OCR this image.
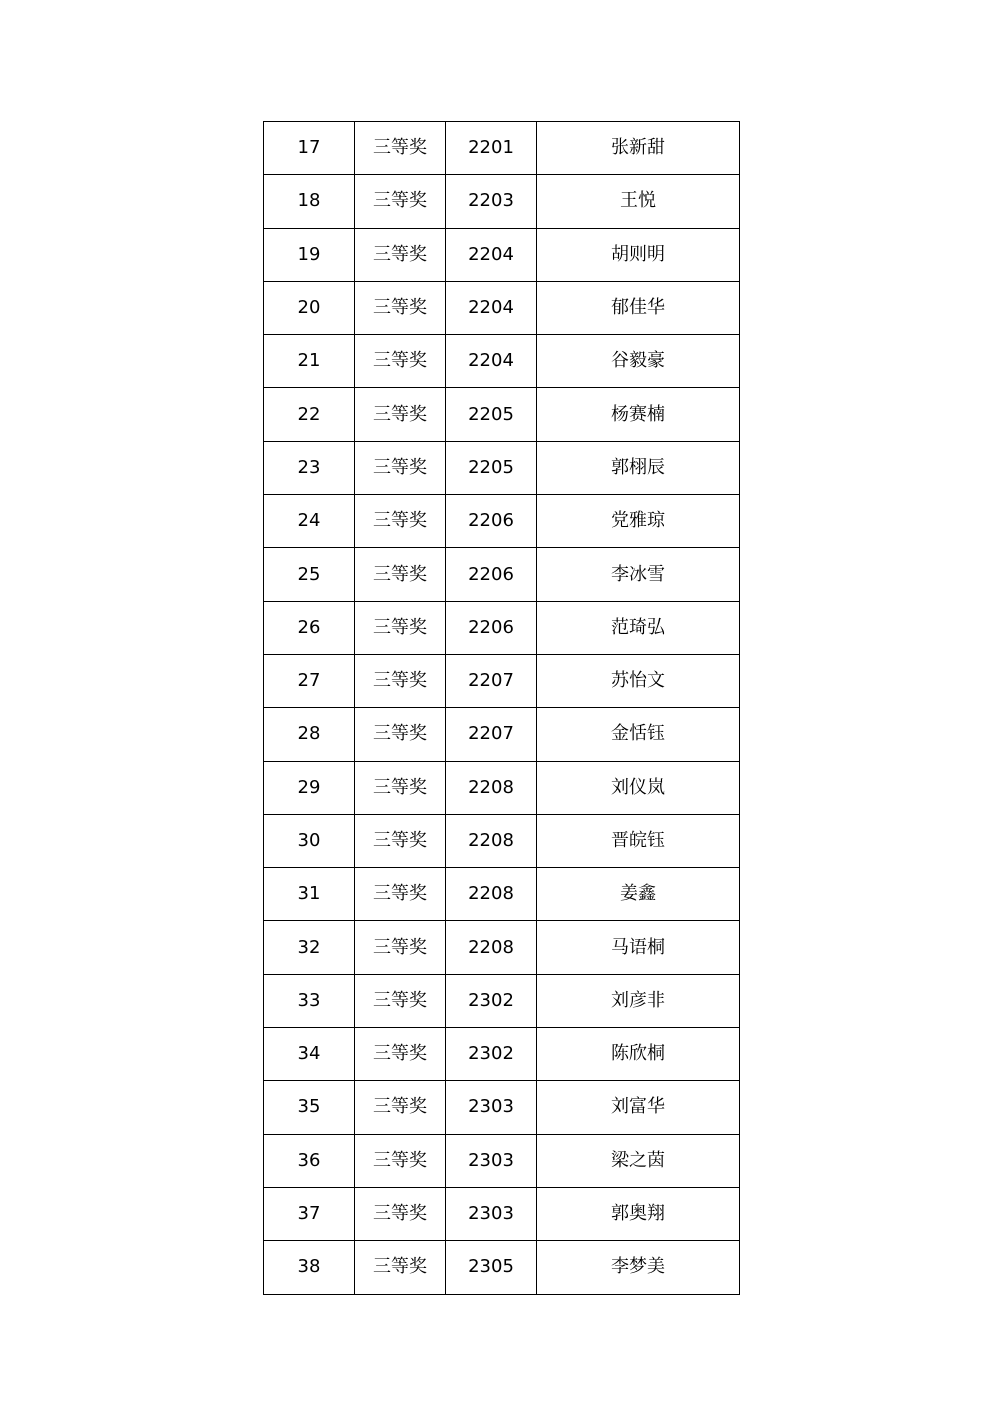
17	三等奖	2201	张新甜
18	三等奖	2203	王悦
19	三等奖	2204	胡则明
20	三等奖	2204	郁佳华
21	三等奖	2204	谷毅豪
22	三等奖	2205	杨赛楠
23	三等奖	2205	郭栩辰
24	三等奖	2206	党雅琼
25	三等奖	2206	李冰雪
26	三等奖	2206	范琦弘
27	三等奖	2207	苏怡文
28	三等奖	2207	金恬钰
29	三等奖	2208	刘仪岚
30	三等奖	2208	晋皖钰
31	三等奖	2208	姜鑫
32	三等奖	2208	马语桐
33	三等奖	2302	刘彦非
34	三等奖	2302	陈欣桐
35	三等奖	2303	刘富华
36	三等奖	2303	梁之茵
37	三等奖	2303	郭奥翔
38	三等奖	2305	李梦美
